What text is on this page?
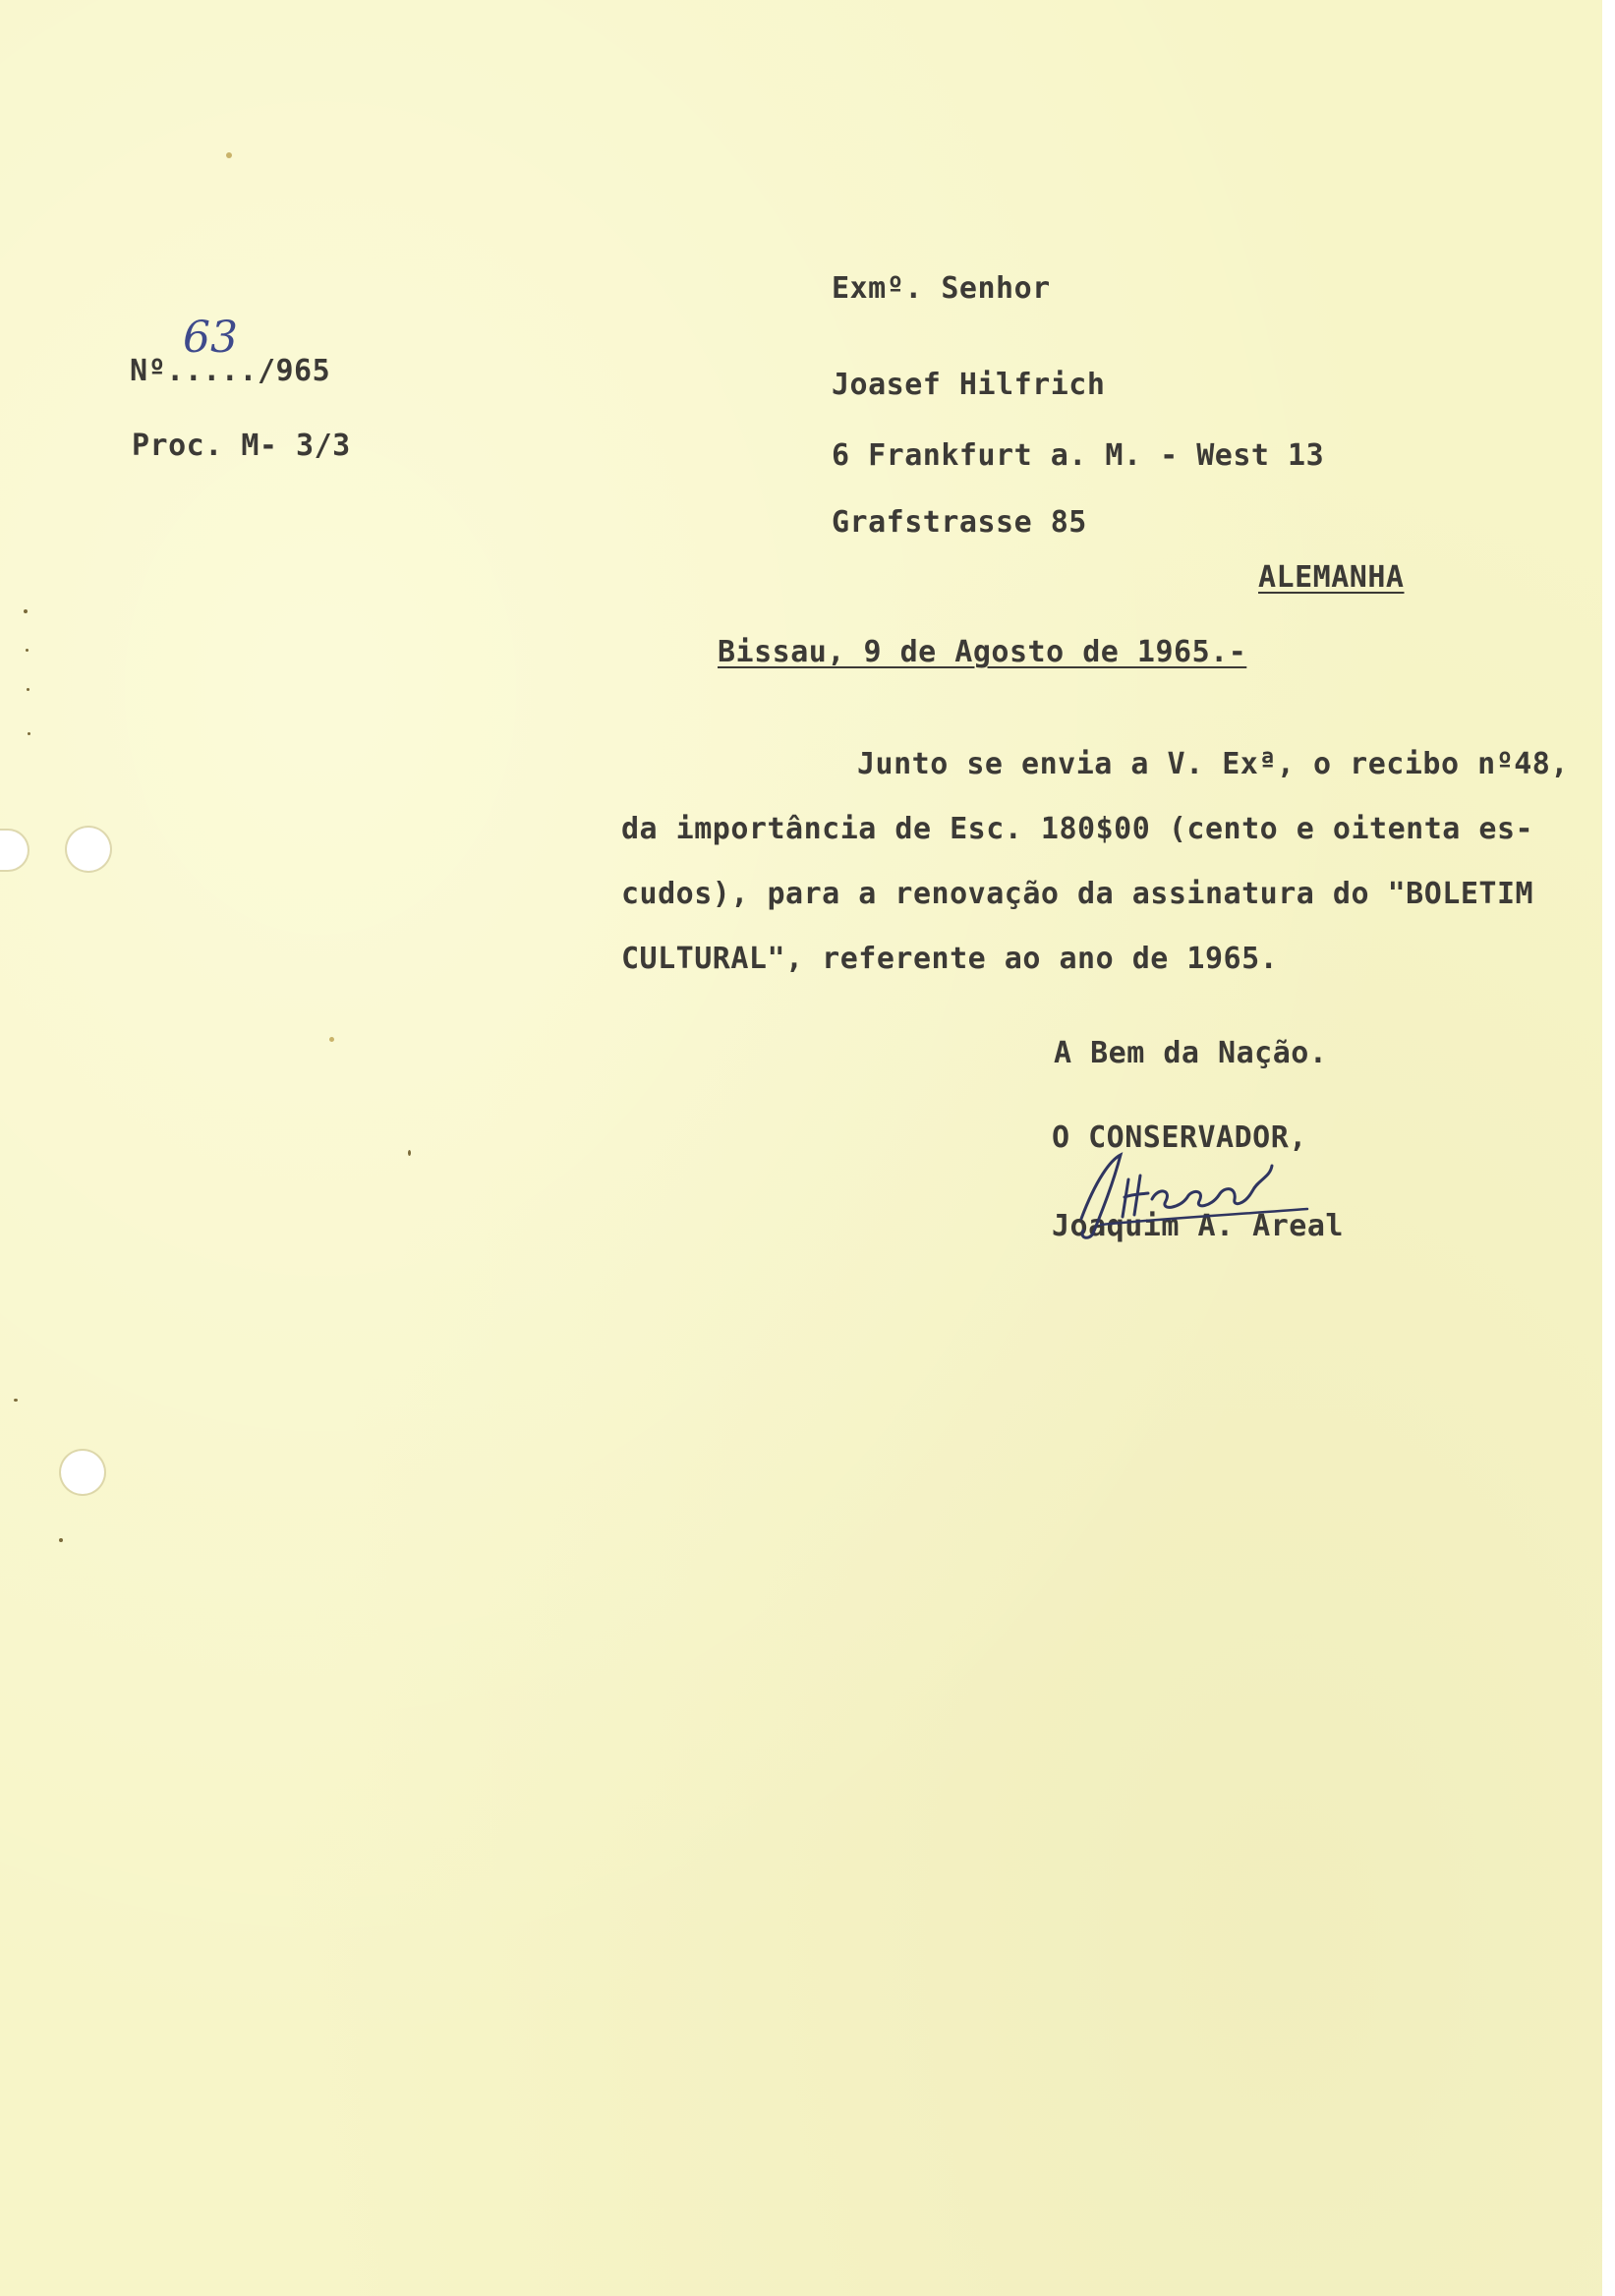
Nº...../965
63
Proc. M- 3/3
Exmº. Senhor
Joasef Hilfrich
6 Frankfurt a. M. - West 13
Grafstrasse 85
ALEMANHA
Bissau, 9 de Agosto de 1965.-
Junto se envia a V. Exª, o recibo nº48,
da importância de Esc. 180$00 (cento e oitenta es-
cudos), para a renovação da assinatura do "BOLETIM
CULTURAL", referente ao ano de 1965.
A Bem da Nação.
O CONSERVADOR,
Joaquim A. Areal
